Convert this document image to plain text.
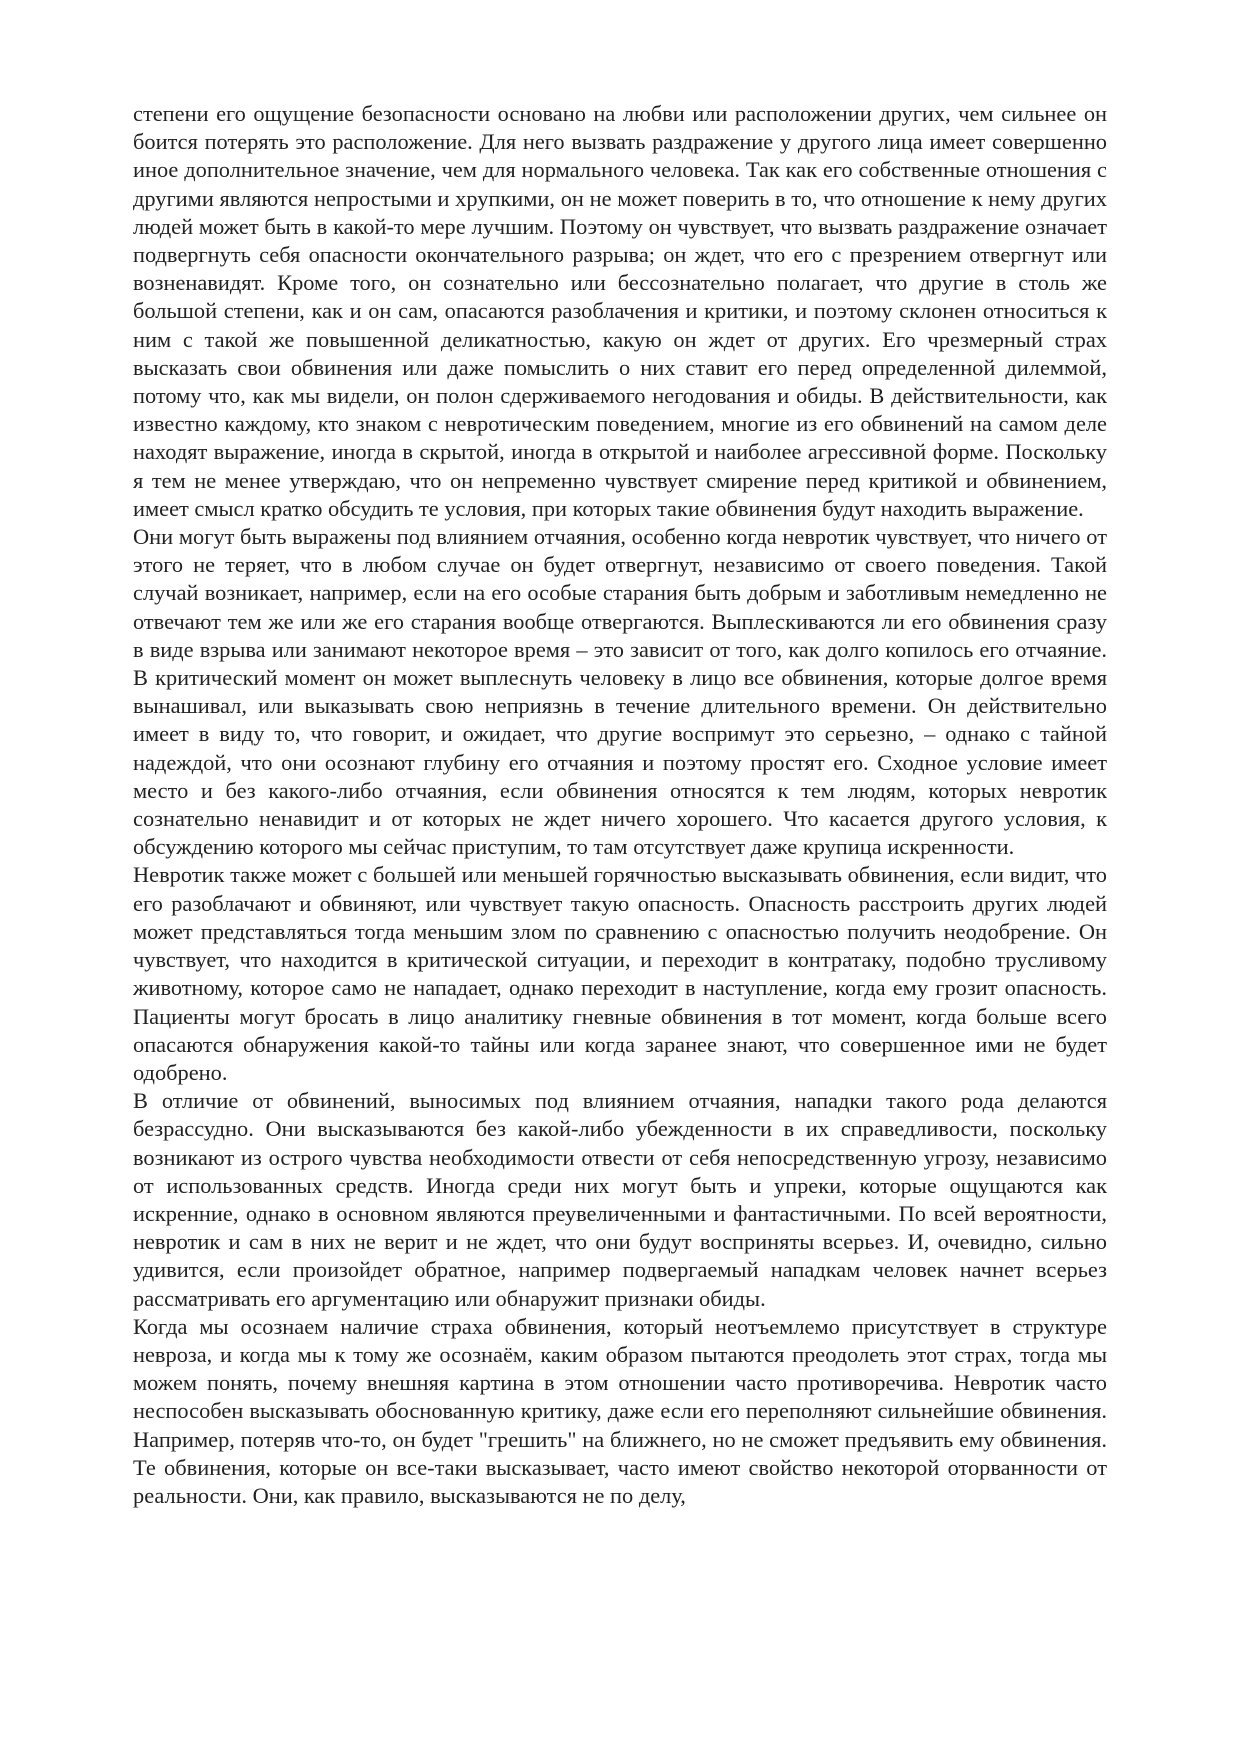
степени его ощущение безопасности основано на любви или расположении других, чем сильнее он боится потерять это расположение. Для него вызвать раздражение у другого лица имеет совершенно иное дополнительное значение, чем для нормального человека. Так как его собственные отношения с другими являются непростыми и хрупкими, он не может поверить в то, что отношение к нему других людей может быть в какой-то мере лучшим. Поэтому он чувствует, что вызвать раздражение означает подвергнуть себя опасности окончательного разрыва; он ждет, что его с презрением отвергнут или возненавидят. Кроме того, он сознательно или бессознательно полагает, что другие в столь же большой степени, как и он сам, опасаются разоблачения и критики, и поэтому склонен относиться к ним с такой же повышенной деликатностью, какую он ждет от других. Его чрезмерный страх высказать свои обвинения или даже помыслить о них ставит его перед определенной дилеммой, потому что, как мы видели, он полон сдерживаемого негодования и обиды. В действительности, как известно каждому, кто знаком с невротическим поведением, многие из его обвинений на самом деле находят выражение, иногда в скрытой, иногда в открытой и наиболее агрессивной форме. Поскольку я тем не менее утверждаю, что он непременно чувствует смирение перед критикой и обвинением, имеет смысл кратко обсудить те условия, при которых такие обвинения будут находить выражение.

Они могут быть выражены под влиянием отчаяния, особенно когда невротик чувствует, что ничего от этого не теряет, что в любом случае он будет отвергнут, независимо от своего поведения. Такой случай возникает, например, если на его особые старания быть добрым и заботливым немедленно не отвечают тем же или же его старания вообще отвергаются. Выплескиваются ли его обвинения сразу в виде взрыва или занимают некоторое время – это зависит от того, как долго копилось его отчаяние. В критический момент он может выплеснуть человеку в лицо все обвинения, которые долгое время вынашивал, или выказывать свою неприязнь в течение длительного времени. Он действительно имеет в виду то, что говорит, и ожидает, что другие воспримут это серьезно, – однако с тайной надеждой, что они осознают глубину его отчаяния и поэтому простят его. Сходное условие имеет место и без какого-либо отчаяния, если обвинения относятся к тем людям, которых невротик сознательно ненавидит и от которых не ждет ничего хорошего. Что касается другого условия, к обсуждению которого мы сейчас приступим, то там отсутствует даже крупица искренности.

Невротик также может с большей или меньшей горячностью высказывать обвинения, если видит, что его разоблачают и обвиняют, или чувствует такую опасность. Опасность расстроить других людей может представляться тогда меньшим злом по сравнению с опасностью получить неодобрение. Он чувствует, что находится в критической ситуации, и переходит в контратаку, подобно трусливому животному, которое само не нападает, однако переходит в наступление, когда ему грозит опасность. Пациенты могут бросать в лицо аналитику гневные обвинения в тот момент, когда больше всего опасаются обнаружения какой-то тайны или когда заранее знают, что совершенное ими не будет одобрено.

В отличие от обвинений, выносимых под влиянием отчаяния, нападки такого рода делаются безрассудно. Они высказываются без какой-либо убежденности в их справедливости, поскольку возникают из острого чувства необходимости отвести от себя непосредственную угрозу, независимо от использованных средств. Иногда среди них могут быть и упреки, которые ощущаются как искренние, однако в основном являются преувеличенными и фантастичными. По всей вероятности, невротик и сам в них не верит и не ждет, что они будут восприняты всерьез. И, очевидно, сильно удивится, если произойдет обратное, например подвергаемый нападкам человек начнет всерьез рассматривать его аргументацию или обнаружит признаки обиды.

Когда мы осознаем наличие страха обвинения, который неотъемлемо присутствует в структуре невроза, и когда мы к тому же осознаём, каким образом пытаются преодолеть этот страх, тогда мы можем понять, почему внешняя картина в этом отношении часто противоречива. Невротик часто неспособен высказывать обоснованную критику, даже если его переполняют сильнейшие обвинения. Например, потеряв что-то, он будет "грешить" на ближнего, но не сможет предъявить ему обвинения. Те обвинения, которые он все-таки высказывает, часто имеют свойство некоторой оторванности от реальности. Они, как правило, высказываются не по делу,
